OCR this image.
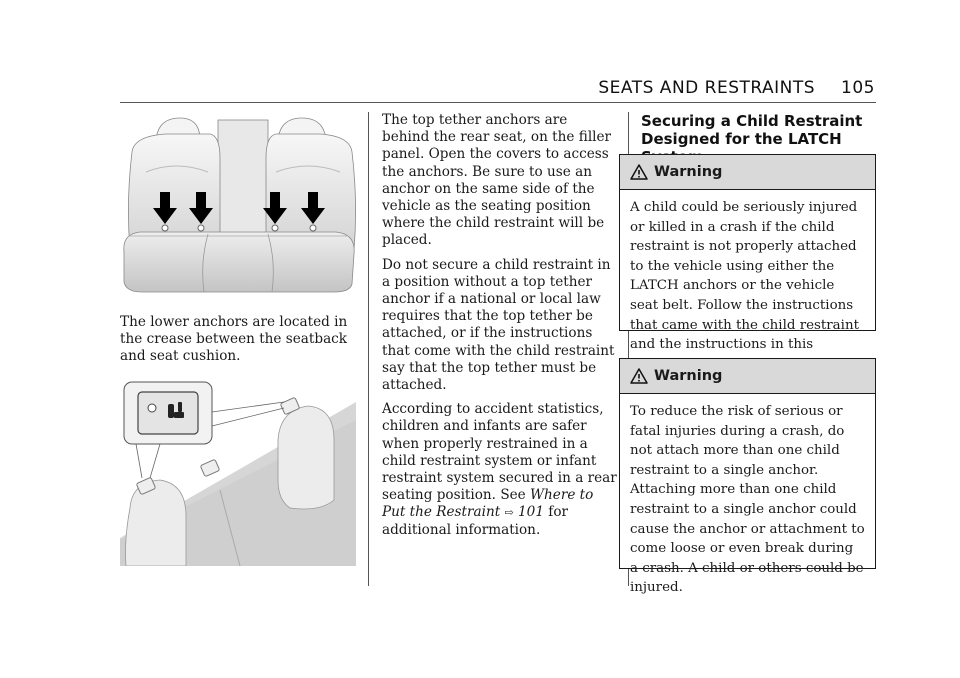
SEATS AND RESTRAINTS 105

The lower anchors are located in the crease between the seatback and seat cushion.

The top tether anchors are behind the rear seat, on the filler panel. Open the covers to access the anchors. Be sure to use an anchor on the same side of the vehicle as the seating position where the child restraint will be placed.

Do not secure a child restraint in a position without a top tether anchor if a national or local law requires that the top tether be attached, or if the instructions that come with the child restraint say that the top tether must be attached.

According to accident statistics, children and infants are safer when properly restrained in a child restraint system or infant restraint system secured in a rear seating position. See Where to Put the Restraint ⇨ 101 for additional information.

Securing a Child Restraint
Designed for the LATCH
Warning
A child could be seriously injured or killed in a crash if the child restraint is not properly attached to the vehicle using either the LATCH anchors or the vehicle seat belt. Follow the instructions that came with the child restraint and the instructions in this
Warning
To reduce the risk of serious or fatal injuries during a crash, do not attach more than one child restraint to a single anchor. Attaching more than one child restraint to a single anchor could cause the anchor or attachment to come loose or even break during a crash. A child or others could be injured.
